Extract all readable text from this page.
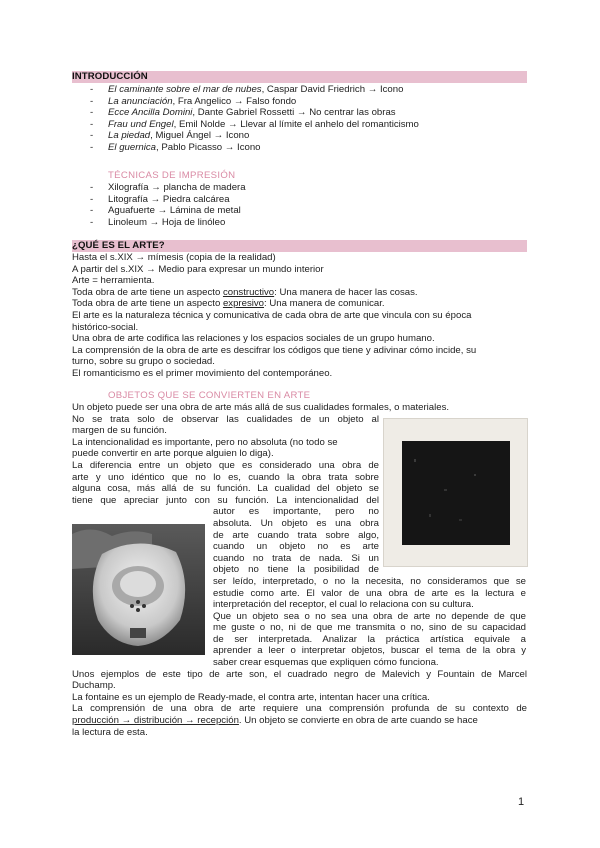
INTRODUCCIÓN
- El caminante sobre el mar de nubes, Caspar David Friedrich → Icono
- La anunciación, Fra Angelico → Falso fondo
- Ecce Ancilla Domini, Dante Gabriel Rossetti → No centrar las obras
- Frau und Engel, Emil Nolde → Llevar al límite el anhelo del romanticismo
- La piedad, Miguel Ángel → Icono
- El guernica, Pablo Picasso → Icono
TÉCNICAS DE IMPRESIÓN
- Xilografía → plancha de madera
- Litografía → Piedra calcárea
- Aguafuerte → Lámina de metal
- Linoleum → Hoja de linóleo
¿QUÉ ES EL ARTE?
Hasta el s.XIX → mímesis (copia de la realidad)
A partir del s.XIX → Medio para expresar un mundo interior
Arte = herramienta.
Toda obra de arte tiene un aspecto constructivo: Una manera de hacer las cosas.
Toda obra de arte tiene un aspecto expresivo: Una manera de comunicar.
El arte es la naturaleza técnica y comunicativa de cada obra de arte que vincula con su época
histórico-social.
Una obra de arte codifica las relaciones y los espacios sociales de un grupo humano.
La comprensión de la obra de arte es descifrar los códigos que tiene y adivinar cómo incide, su
turno, sobre su grupo o sociedad.
El romanticismo es el primer movimiento del contemporáneo.
OBJETOS QUE SE CONVIERTEN EN ARTE
Un objeto puede ser una obra de arte más allá de sus cualidades formales, o materiales.
No se trata solo de observar las cualidades de un objeto al
margen de su función.
La intencionalidad es importante, pero no absoluta (no todo se
puede convertir en arte porque alguien lo diga).
La diferencia entre un objeto que es considerado una obra de
arte y uno idéntico que no lo es, cuando la obra trata sobre
alguna cosa, más allá de su función. La cualidad del objeto se
tiene que apreciar junto con su función. La intencionalidad del
autor es importante, pero no
absoluta. Un objeto es una obra
de arte cuando trata sobre algo,
cuando un objeto no es arte
cuando no trata de nada. Si un
objeto no tiene la posibilidad de
ser leído, interpretado, o no la necesita, no consideramos que se
estudie como arte. El valor de una obra de arte es la lectura e
interpretación del receptor, el cual lo relaciona con su cultura.
Que un objeto sea o no sea una obra de arte no depende de que
me guste o no, ni de que me transmita o no, sino de su capacidad
de ser interpretada. Analizar la práctica artística equivale a
aprender a leer o interpretar objetos, buscar el tema de la obra y
saber crear esquemas que expliquen cómo funciona.
Unos ejemplos de este tipo de arte son, el cuadrado negro de Malevich y Fountain de Marcel
Duchamp.
La fontaine es un ejemplo de Ready-made, el contra arte, intentan hacer una crítica.
La comprensión de una obra de arte requiere una comprensión profunda de su contexto de
producción → distribución → recepción. Un objeto se convierte en obra de arte cuando se hace
la lectura de esta.
1
